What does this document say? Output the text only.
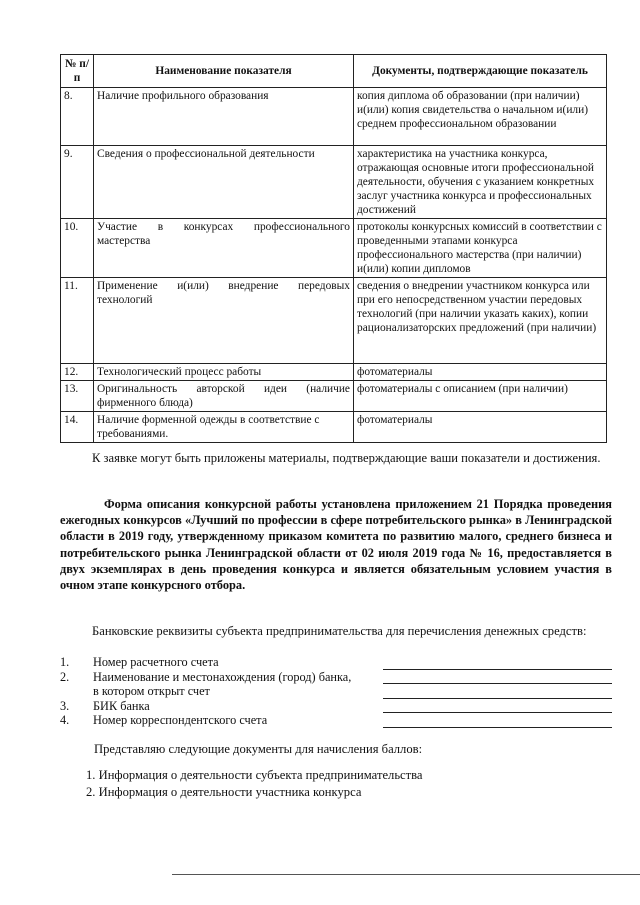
№ п/п	Наименование показателя	Документы, подтверждающие показатель
8.	Наличие профильного образования	копия диплома об образовании (при наличии) и(или) копия свидетельства о начальном и(или) среднем профессиональном образовании
9.	Сведения о профессиональной деятельности	характеристика на участника конкурса, отражающая основные итоги профессиональной деятельности, обучения с указанием конкретных заслуг участника конкурса и профессиональных достижений
10.	Участие в конкурсах профессионального мастерства	протоколы конкурсных комиссий в соответствии с проведенными этапами конкурса профессионального мастерства (при наличии) и(или) копии дипломов
11.	Применение и(или) внедрение передовых технологий	сведения о внедрении участником конкурса или при его непосредственном участии передовых технологий (при наличии указать каких), копии рационализаторских предложений (при наличии)
12.	Технологический процесс работы	фотоматериалы
13.	Оригинальность авторской идеи (наличие фирменного блюда)	фотоматериалы с описанием (при наличии)
14.	Наличие форменной одежды в соответствие с требованиями.	фотоматериалы
К заявке могут быть приложены материалы, подтверждающие ваши показатели и достижения.
Форма описания конкурсной работы установлена приложением 21 Порядка проведения ежегодных конкурсов «Лучший по профессии в сфере потребительского рынка» в Ленинградской области в 2019 году, утвержденному приказом комитета по развитию малого, среднего бизнеса и потребительского рынка Ленинградской области от 02 июля 2019 года № 16, предоставляется в двух экземплярах в день проведения конкурса и является обязательным условием участия в очном этапе конкурсного отбора.
Банковские реквизиты субъекта предпринимательства для перечисления денежных средств:
1.	Номер расчетного счета
2.	Наименование и местонахождения (город) банка,
в котором открыт счет
3.	БИК банка
4.	Номер корреспондентского счета
Представляю следующие документы для начисления баллов:
1. Информация о деятельности субъекта предпринимательства
2. Информация о деятельности участника конкурса
